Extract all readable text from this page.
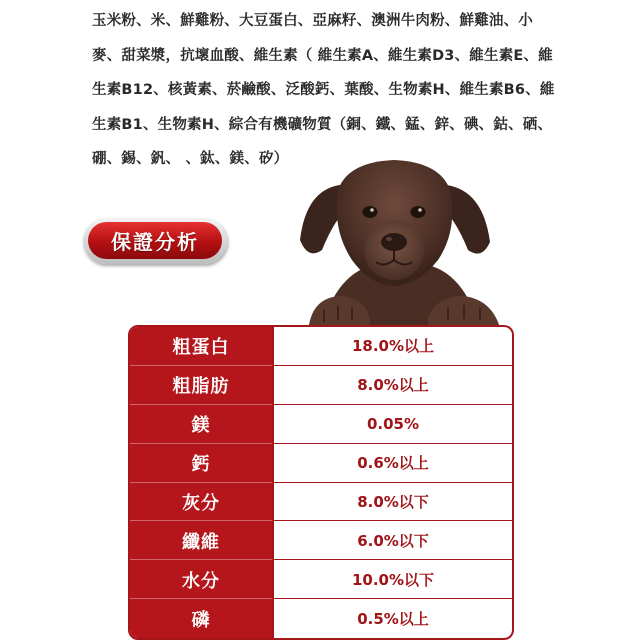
玉米粉、米、鮮雞粉、大豆蛋白、亞麻籽、澳洲牛肉粉、鮮雞油、小
麥、甜菜漿，抗壞血酸、維生素（ 維生素A、維生素D3、維生素E、維
生素B12、核黃素、菸鹼酸、泛酸鈣、葉酸、生物素H、維生素B6、維
生素B1、生物素H、綜合有機礦物質（銅、鐵、錳、鋅、碘、鈷、硒、
硼、錫、釩、 、鈦、鎂、矽）
保證分析
粗蛋白	18.0%以上
粗脂肪	8.0%以上
鎂	0.05%
鈣	0.6%以上
灰分	8.0%以下
纖維	6.0%以下
水分	10.0%以下
磷	0.5%以上
